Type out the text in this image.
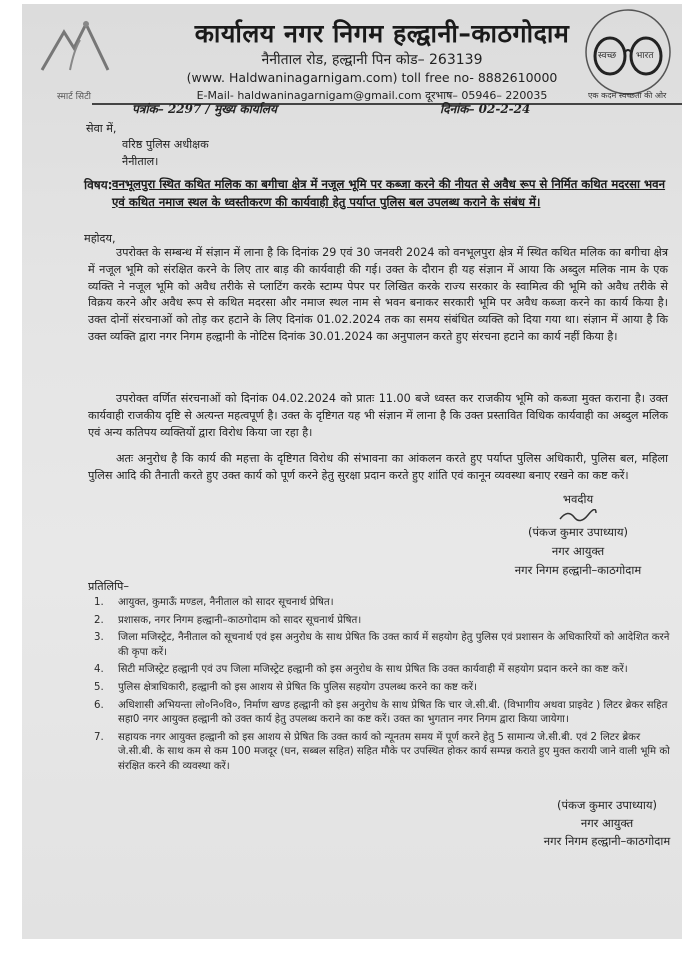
स्मार्ट सिटी
स्वच्छ भारत
एक कदम स्वच्छता की ओर
कार्यालय नगर निगम हल्द्वानी–काठगोदाम
नैनीताल रोड, हल्द्वानी पिन कोड– 263139
(www. Haldwaninagarnigam.com) toll free no- 8882610000
E-Mail- haldwaninagarnigam@gmail.com दूरभाष– 05946– 220035
पत्रांक– 2297 / मुख्य कार्यालय	दिनांक– 02-2-24
सेवा में,
वरिष्ठ पुलिस अधीक्षक
नैनीताल।
विषय: वनभूलपुरा स्थित कथित मलिक का बगीचा क्षेत्र में नजूल भूमि पर कब्जा करने की नीयत से अवैध रूप से निर्मित कथित मदरसा भवन एवं कथित नमाज स्थल के ध्वस्तीकरण की कार्यवाही हेतु पर्याप्त पुलिस बल उपलब्ध कराने के संबंध में।
महोदय,

उपरोक्त के सम्बन्ध में संज्ञान में लाना है कि दिनांक 29 एवं 30 जनवरी 2024 को वनभूलपुरा क्षेत्र में स्थित कथित मलिक का बगीचा क्षेत्र में नजूल भूमि को संरक्षित करने के लिए तार बाड़ की कार्यवाही की गई। उक्त के दौरान ही यह संज्ञान में आया कि अब्दुल मलिक नाम के एक व्यक्ति ने नजूल भूमि को अवैध तरीके से प्लाटिंग करके स्टाम्प पेपर पर लिखित करके राज्य सरकार के स्वामित्व की भूमि को अवैध तरीके से विक्रय करने और अवैध रूप से कथित मदरसा और नमाज स्थल नाम से भवन बनाकर सरकारी भूमि पर अवैध कब्जा करने का कार्य किया है। उक्त दोनों संरचनाओं को तोड़ कर हटाने के लिए दिनांक 01.02.2024 तक का समय संबंधित व्यक्ति को दिया गया था। संज्ञान में आया है कि उक्त व्यक्ति द्वारा नगर निगम हल्द्वानी के नोटिस दिनांक 30.01.2024 का अनुपालन करते हुए संरचना हटाने का कार्य नहीं किया है।

उपरोक्त वर्णित संरचनाओं को दिनांक 04.02.2024 को प्रातः 11.00 बजे ध्वस्त कर राजकीय भूमि को कब्जा मुक्त कराना है। उक्त कार्यवाही राजकीय दृष्टि से अत्यन्त महत्वपूर्ण है। उक्त के दृष्टिगत यह भी संज्ञान में लाना है कि उक्त प्रस्तावित विधिक कार्यवाही का अब्दुल मलिक एवं अन्य कतिपय व्यक्तियों द्वारा विरोध किया जा रहा है।

अतः अनुरोध है कि कार्य की महत्ता के दृष्टिगत विरोध की संभावना का आंकलन करते हुए पर्याप्त पुलिस अधिकारी, पुलिस बल, महिला पुलिस आदि की तैनाती करते हुए उक्त कार्य को पूर्ण करने हेतु सुरक्षा प्रदान करते हुए शांति एवं कानून व्यवस्था बनाए रखने का कष्ट करें।

भवदीय
(पंकज कुमार उपाध्याय)
नगर आयुक्त
नगर निगम हल्द्वानी–काठगोदाम
प्रतिलिपि–
1.	आयुक्त, कुमाऊँ मण्डल, नैनीताल को सादर सूचनार्थ प्रेषित।
2.	प्रशासक, नगर निगम हल्द्वानी–काठगोदाम को सादर सूचनार्थ प्रेषित।
3.	जिला मजिस्ट्रेट, नैनीताल को सूचनार्थ एवं इस अनुरोध के साथ प्रेषित कि उक्त कार्य में सहयोग हेतु पुलिस एवं प्रशासन के अधिकारियों को आदेशित करने की कृपा करें।
4.	सिटी मजिस्ट्रेट हल्द्वानी एवं उप जिला मजिस्ट्रेट हल्द्वानी को इस अनुरोध के साथ प्रेषित कि उक्त कार्यवाही में सहयोग प्रदान करने का कष्ट करें।
5.	पुलिस क्षेत्राधिकारी, हल्द्वानी को इस आशय से प्रेषित कि पुलिस सहयोग उपलब्ध करने का कष्ट करें।
6.	अधिशासी अभियन्ता लो०नि०वि०, निर्माण खण्ड हल्द्वानी को इस अनुरोध के साथ प्रेषित कि चार जे.सी.बी. (विभागीय अथवा प्राइवेट ) लिटर ब्रेकर सहित सहा0 नगर आयुक्त हल्द्वानी को उक्त कार्य हेतु उपलब्ध कराने का कष्ट करें। उक्त का भुगतान नगर निगम द्वारा किया जायेगा।
7.	सहायक नगर आयुक्त हल्द्वानी को इस आशय से प्रेषित कि उक्त कार्य को न्यूनतम समय में पूर्ण करने हेतु 5 सामान्य जे.सी.बी. एवं 2 लिटर ब्रेकर जे.सी.बी. के साथ कम से कम 100 मजदूर (घन, सब्बल सहित) सहित मौके पर उपस्थित होकर कार्य सम्पन्न कराते हुए मुक्त करायी जाने वाली भूमि को संरक्षित करने की व्यवस्था करें।
(पंकज कुमार उपाध्याय)
नगर आयुक्त
नगर निगम हल्द्वानी–काठगोदाम
